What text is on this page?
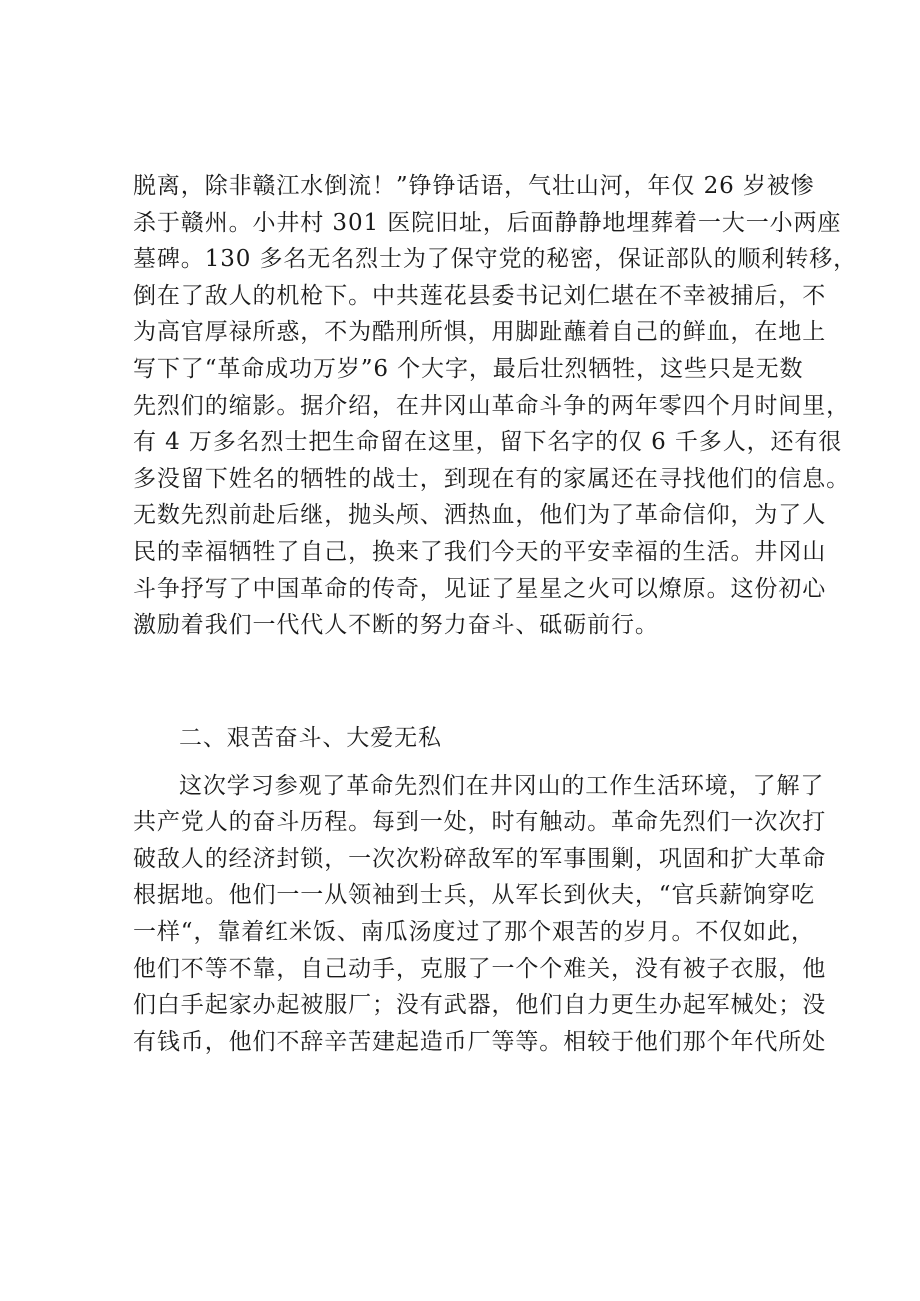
脱离，除非赣江水倒流！”铮铮话语，气壮山河，年仅 26 岁被惨
杀于赣州。小井村 301 医院旧址，后面静静地埋葬着一大一小两座
墓碑。130 多名无名烈士为了保守党的秘密，保证部队的顺利转移，
倒在了敌人的机枪下。中共莲花县委书记刘仁堪在不幸被捕后，不
为高官厚禄所惑，不为酷刑所惧，用脚趾蘸着自己的鲜血，在地上
写下了“革命成功万岁”6 个大字，最后壮烈牺牲，这些只是无数
先烈们的缩影。据介绍，在井冈山革命斗争的两年零四个月时间里，
有 4 万多名烈士把生命留在这里，留下名字的仅 6 千多人，还有很
多没留下姓名的牺牲的战士，到现在有的家属还在寻找他们的信息。
无数先烈前赴后继，抛头颅、洒热血，他们为了革命信仰，为了人
民的幸福牺牲了自己，换来了我们今天的平安幸福的生活。井冈山
斗争抒写了中国革命的传奇，见证了星星之火可以燎原。这份初心
激励着我们一代代人不断的努力奋斗、砥砺前行。
二、艰苦奋斗、大爱无私
这次学习参观了革命先烈们在井冈山的工作生活环境，了解了
共产党人的奋斗历程。每到一处，时有触动。革命先烈们一次次打
破敌人的经济封锁，一次次粉碎敌军的军事围剿，巩固和扩大革命
根据地。他们一一从领袖到士兵，从军长到伙夫，“官兵薪饷穿吃
一样“，靠着红米饭、南瓜汤度过了那个艰苦的岁月。不仅如此，
他们不等不靠，自己动手，克服了一个个难关，没有被子衣服，他
们白手起家办起被服厂；没有武器，他们自力更生办起军械处；没
有钱币，他们不辞辛苦建起造币厂等等。相较于他们那个年代所处
